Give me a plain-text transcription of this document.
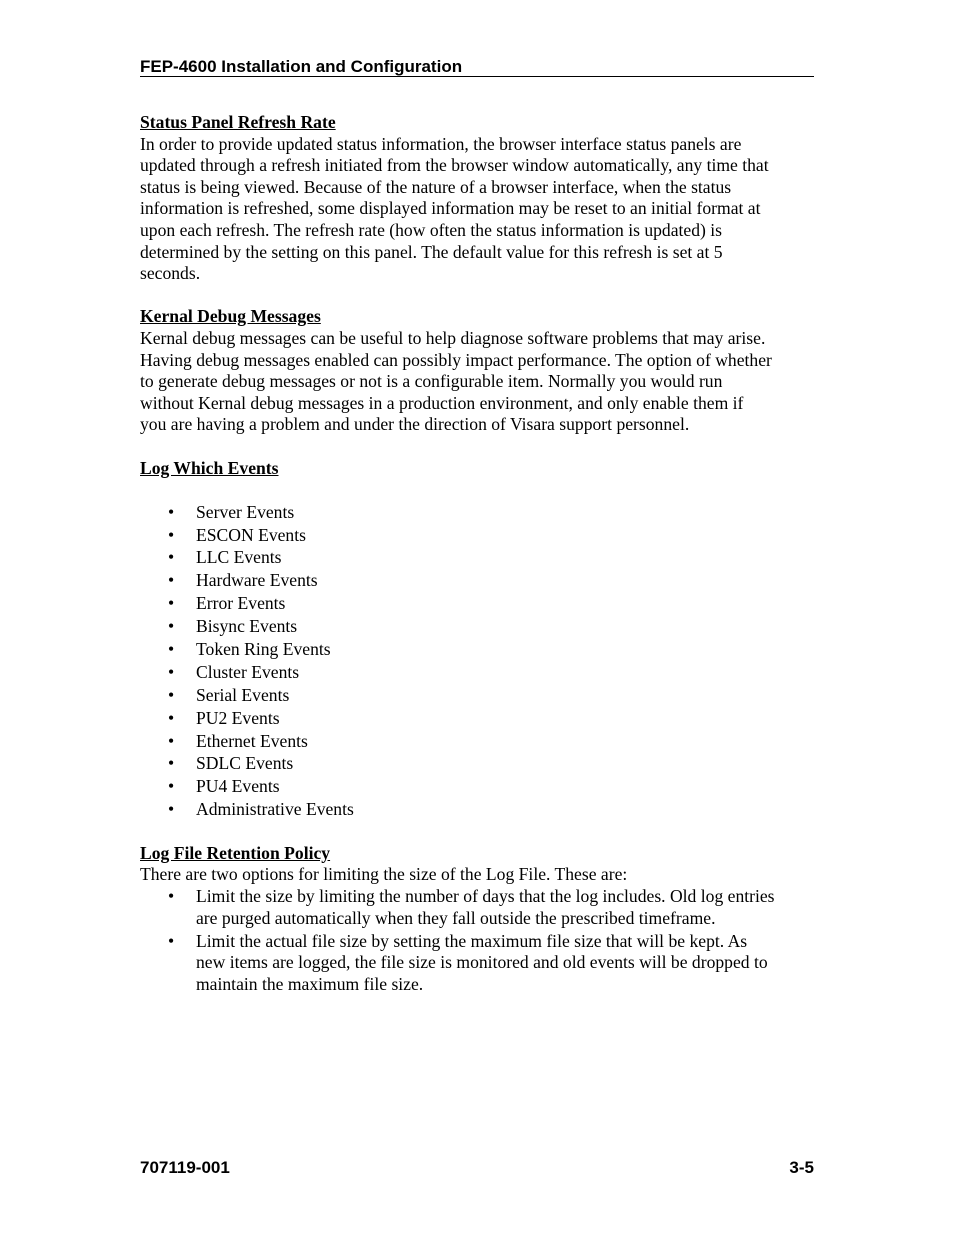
FEP-4600 Installation and Configuration

Status Panel Refresh Rate

In order to provide updated status information, the browser interface status panels are
updated through a refresh initiated from the browser window automatically, any time that
status is being viewed. Because of the nature of a browser interface, when the status
information is refreshed, some displayed information may be reset to an initial format at
upon each refresh. The refresh rate (how often the status information is updated) is
determined by the setting on this panel. The default value for this refresh is set at 5
seconds.

Kernal Debug Messages

Kernal debug messages can be useful to help diagnose software problems that may arise.
Having debug messages enabled can possibly impact performance. The option of whether
to generate debug messages or not is a configurable item. Normally you would run
without Kernal debug messages in a production environment, and only enable them if
you are having a problem and under the direction of Visara support personnel.

Log Which Events

• Server Events
• ESCON Events
• LLC Events
• Hardware Events
• Error Events
• Bisync Events
• Token Ring Events
• Cluster Events
• Serial Events
• PU2 Events
• Ethernet Events
• SDLC Events
• PU4 Events
• Administrative Events

Log File Retention Policy

There are two options for limiting the size of the Log File. These are:
• Limit the size by limiting the number of days that the log includes. Old log entries
are purged automatically when they fall outside the prescribed timeframe.
• Limit the actual file size by setting the maximum file size that will be kept. As
new items are logged, the file size is monitored and old events will be dropped to
maintain the maximum file size.
707119-001	3-5
